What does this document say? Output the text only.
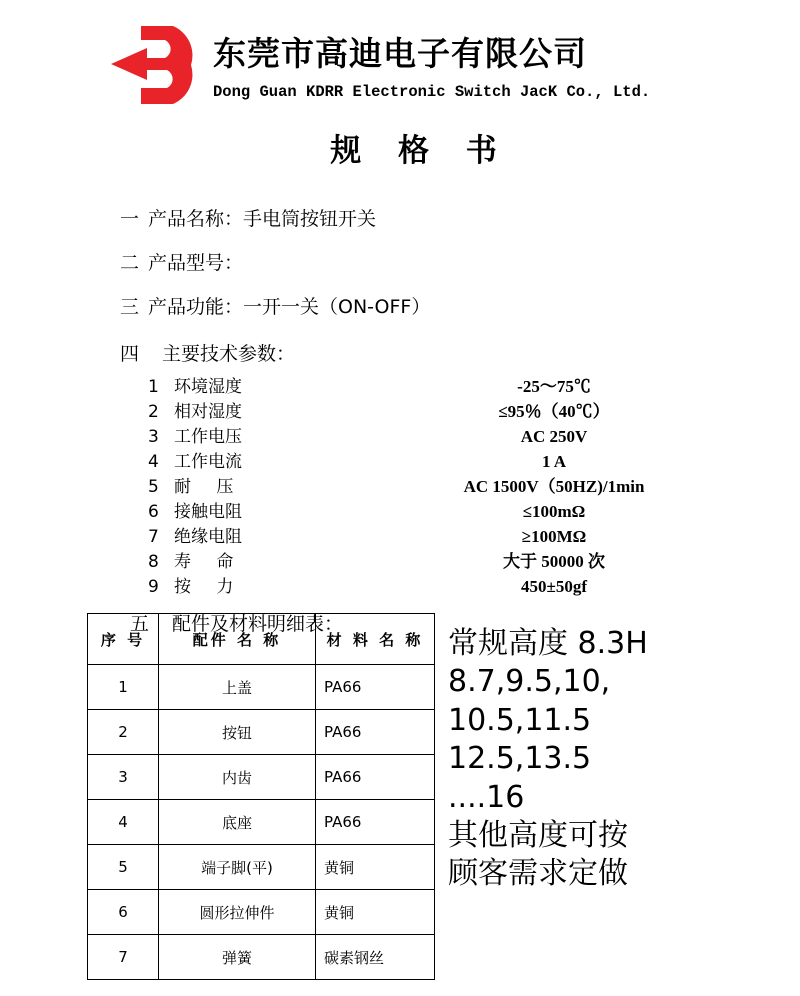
东莞市高迪电子有限公司
Dong Guan KDRR Electronic Switch JacK Co., Ltd.
规 格 书
一 产品名称：手电筒按钮开关
二 产品型号：
三 产品功能：一开一关（ON-OFF）
四 主要技术参数：
1 环境湿度	-25～75℃
2 相对湿度	≤95％（40℃）
3 工作电压	AC 250V
4 工作电流	1 A
5 耐 压	AC 1500V（50HZ)/1min
6 接触电阻	≤100mΩ
7 绝缘电阻	≥100MΩ
8 寿 命	大于 50000 次
9 按 力	450±50gf
五 配件及材料明细表：
序 号	配件 名 称	材 料 名 称
1	上盖	PA66
2	按钮	PA66
3	内齿	PA66
4	底座	PA66
5	端子脚(平)	黄铜
6	圆形拉伸件	黄铜
7	弹簧	碳素钢丝
常规高度 8.3H
8.7,9.5,10,
10.5,11.5
12.5,13.5
....16
其他高度可按
顾客需求定做
